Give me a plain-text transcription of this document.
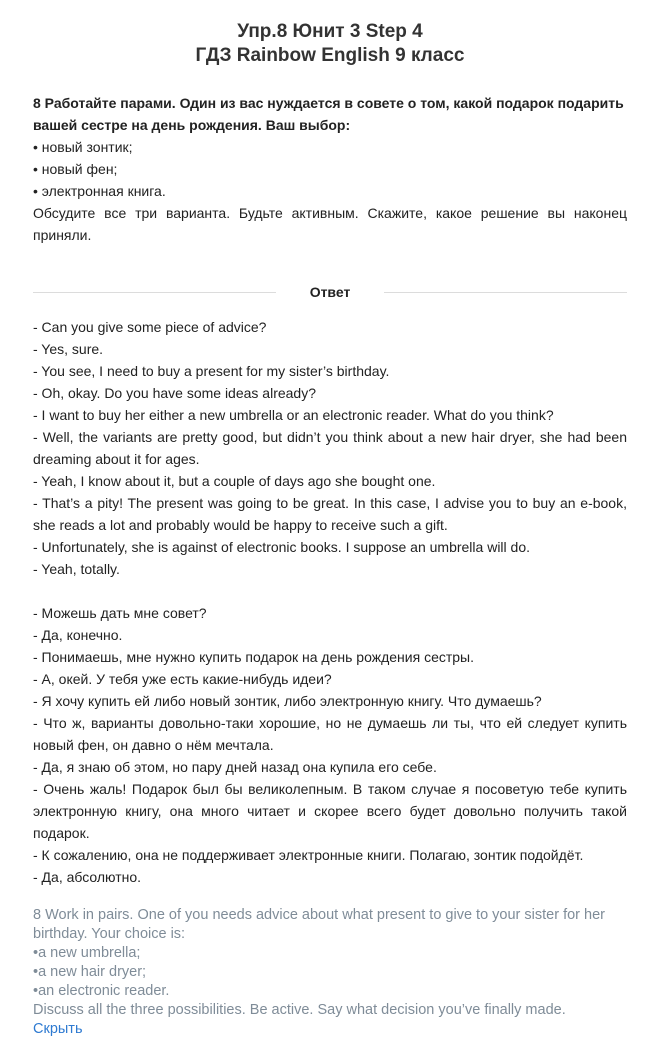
Упр.8 Юнит 3 Step 4
ГДЗ Rainbow English 9 класс
8 Работайте парами. Один из вас нуждается в совете о том, какой подарок подарить вашей сестре на день рождения. Ваш выбор:
• новый зонтик;
• новый фен;
• электронная книга.
Обсудите все три варианта. Будьте активным. Скажите, какое решение вы наконец приняли.
Ответ

- Can you give some piece of advice?

- Yes, sure.

- You see, I need to buy a present for my sister’s birthday.

- Oh, okay. Do you have some ideas already?

- I want to buy her either a new umbrella or an electronic reader. What do you think?

- Well, the variants are pretty good, but didn’t you think about a new hair dryer, she had been dreaming about it for ages.

- Yeah, I know about it, but a couple of days ago she bought one.

- That’s a pity! The present was going to be great. In this case, I advise you to buy an e-book, she reads a lot and probably would be happy to receive such a gift.

- Unfortunately, she is against of electronic books. I suppose an umbrella will do.

- Yeah, totally.

- Можешь дать мне совет?

- Да, конечно.

- Понимаешь, мне нужно купить подарок на день рождения сестры.

- А, окей. У тебя уже есть какие-нибудь идеи?

- Я хочу купить ей либо новый зонтик, либо электронную книгу. Что думаешь?

- Что ж, варианты довольно-таки хорошие, но не думаешь ли ты, что ей следует купить новый фен, он давно о нём мечтала.

- Да, я знаю об этом, но пару дней назад она купила его себе.

- Очень жаль! Подарок был бы великолепным. В таком случае я посоветую тебе купить электронную книгу, она много читает и скорее всего будет довольно получить такой подарок.

- К сожалению, она не поддерживает электронные книги. Полагаю, зонтик подойдёт.

- Да, абсолютно.

8 Work in pairs. One of you needs advice about what present to give to your sister for her birthday. Your choice is:
•a new umbrella;
•a new hair dryer;
•an electronic reader.
Discuss all the three possibilities. Be active. Say what decision you’ve finally made.
Скрыть
